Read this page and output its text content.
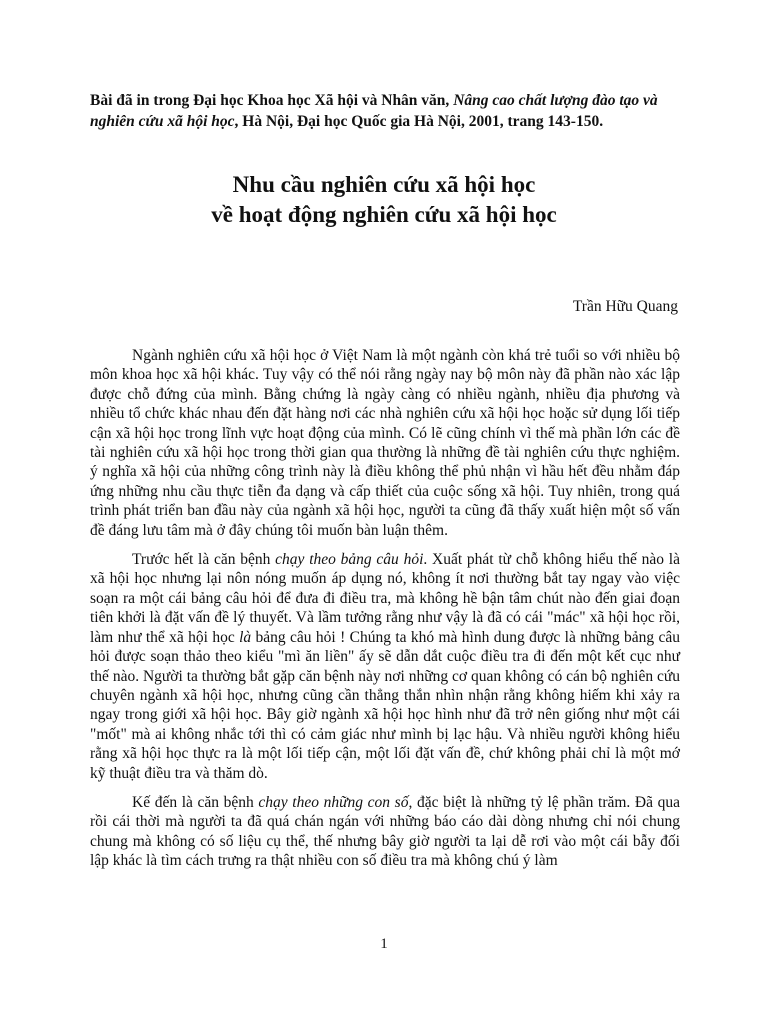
Bài đã in trong Đại học Khoa học Xã hội và Nhân văn, Nâng cao chất lượng đào tạo và nghiên cứu xã hội học, Hà Nội, Đại học Quốc gia Hà Nội, 2001, trang 143-150.
Nhu cầu nghiên cứu xã hội học
về hoạt động nghiên cứu xã hội học
Trần Hữu Quang

Ngành nghiên cứu xã hội học ở Việt Nam là một ngành còn khá trẻ tuổi so với nhiều bộ môn khoa học xã hội khác. Tuy vậy có thể nói rằng ngày nay bộ môn này đã phần nào xác lập được chỗ đứng của mình. Bằng chứng là ngày càng có nhiều ngành, nhiều địa phương và nhiều tổ chức khác nhau đến đặt hàng nơi các nhà nghiên cứu xã hội học hoặc sử dụng lối tiếp cận xã hội học trong lĩnh vực hoạt động của mình. Có lẽ cũng chính vì thế mà phần lớn các đề tài nghiên cứu xã hội học trong thời gian qua thường là những đề tài nghiên cứu thực nghiệm. ý nghĩa xã hội của những công trình này là điều không thể phủ nhận vì hầu hết đều nhằm đáp ứng những nhu cầu thực tiễn đa dạng và cấp thiết của cuộc sống xã hội. Tuy nhiên, trong quá trình phát triển ban đầu này của ngành xã hội học, người ta cũng đã thấy xuất hiện một số vấn đề đáng lưu tâm mà ở đây chúng tôi muốn bàn luận thêm.

Trước hết là căn bệnh chạy theo bảng câu hỏi. Xuất phát từ chỗ không hiểu thế nào là xã hội học nhưng lại nôn nóng muốn áp dụng nó, không ít nơi thường bắt tay ngay vào việc soạn ra một cái bảng câu hỏi để đưa đi điều tra, mà không hề bận tâm chút nào đến giai đoạn tiên khởi là đặt vấn đề lý thuyết. Và lầm tưởng rằng như vậy là đã có cái "mác" xã hội học rồi, làm như thể xã hội học là bảng câu hỏi ! Chúng ta khó mà hình dung được là những bảng câu hỏi được soạn thảo theo kiểu "mì ăn liền" ấy sẽ dẫn dắt cuộc điều tra đi đến một kết cục như thế nào. Người ta thường bắt gặp căn bệnh này nơi những cơ quan không có cán bộ nghiên cứu chuyên ngành xã hội học, nhưng cũng cần thẳng thắn nhìn nhận rằng không hiếm khi xảy ra ngay trong giới xã hội học. Bây giờ ngành xã hội học hình như đã trở nên giống như một cái "mốt" mà ai không nhắc tới thì có cảm giác như mình bị lạc hậu. Và nhiều người không hiểu rằng xã hội học thực ra là một lối tiếp cận, một lối đặt vấn đề, chứ không phải chỉ là một mớ kỹ thuật điều tra và thăm dò.

Kế đến là căn bệnh chạy theo những con số, đặc biệt là những tỷ lệ phần trăm. Đã qua rồi cái thời mà người ta đã quá chán ngán với những báo cáo dài dòng nhưng chỉ nói chung chung mà không có số liệu cụ thể, thế nhưng bây giờ người ta lại dễ rơi vào một cái bẫy đối lập khác là tìm cách trưng ra thật nhiều con số điều tra mà không chú ý làm

1
